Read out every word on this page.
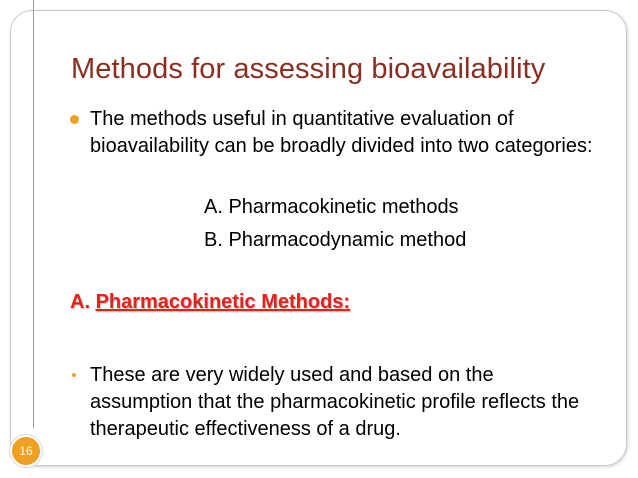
16
Methods for assessing bioavailability
The methods useful in quantitative evaluation of bioavailability can be broadly divided into two categories:
A. Pharmacokinetic methods
B. Pharmacodynamic method
A. Pharmacokinetic Methods:
These are very widely used and based on the assumption that the pharmacokinetic profile reflects the therapeutic effectiveness of a drug.
